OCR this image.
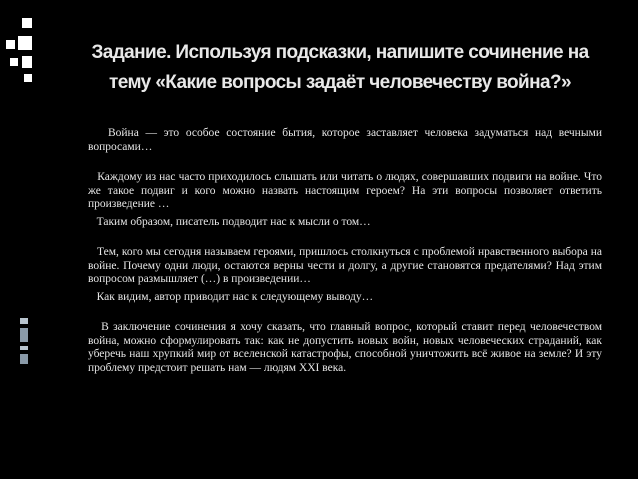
Задание. Используя подсказки, напишите сочинение на
тему «Какие вопросы задаёт человечеству война?»

Война — это особое состояние бытия, которое заставляет человека задуматься над вечными вопросами…

Каждому из нас часто приходилось слышать или читать о людях, совершавших подвиги на войне. Что же такое подвиг и кого можно назвать настоящим героем? На эти вопросы позволяет ответить произведение …

Таким образом, писатель подводит нас к мысли о том…

Тем, кого мы сегодня называем героями, пришлось столкнуться с проблемой нравственного выбора на войне. Почему одни люди, остаются верны чести и долгу, а другие становятся предателями? Над этим вопросом размышляет (…) в произведении…

Как видим, автор приводит нас к следующему выводу…

В заключение сочинения я хочу сказать, что главный вопрос, который ставит перед человечеством война, можно сформулировать так: как не допустить новых войн, новых человеческих страданий, как уберечь наш хрупкий мир от вселенской катастрофы, способной уничтожить всё живое на земле? И эту проблему предстоит решать нам — людям XXI века.
